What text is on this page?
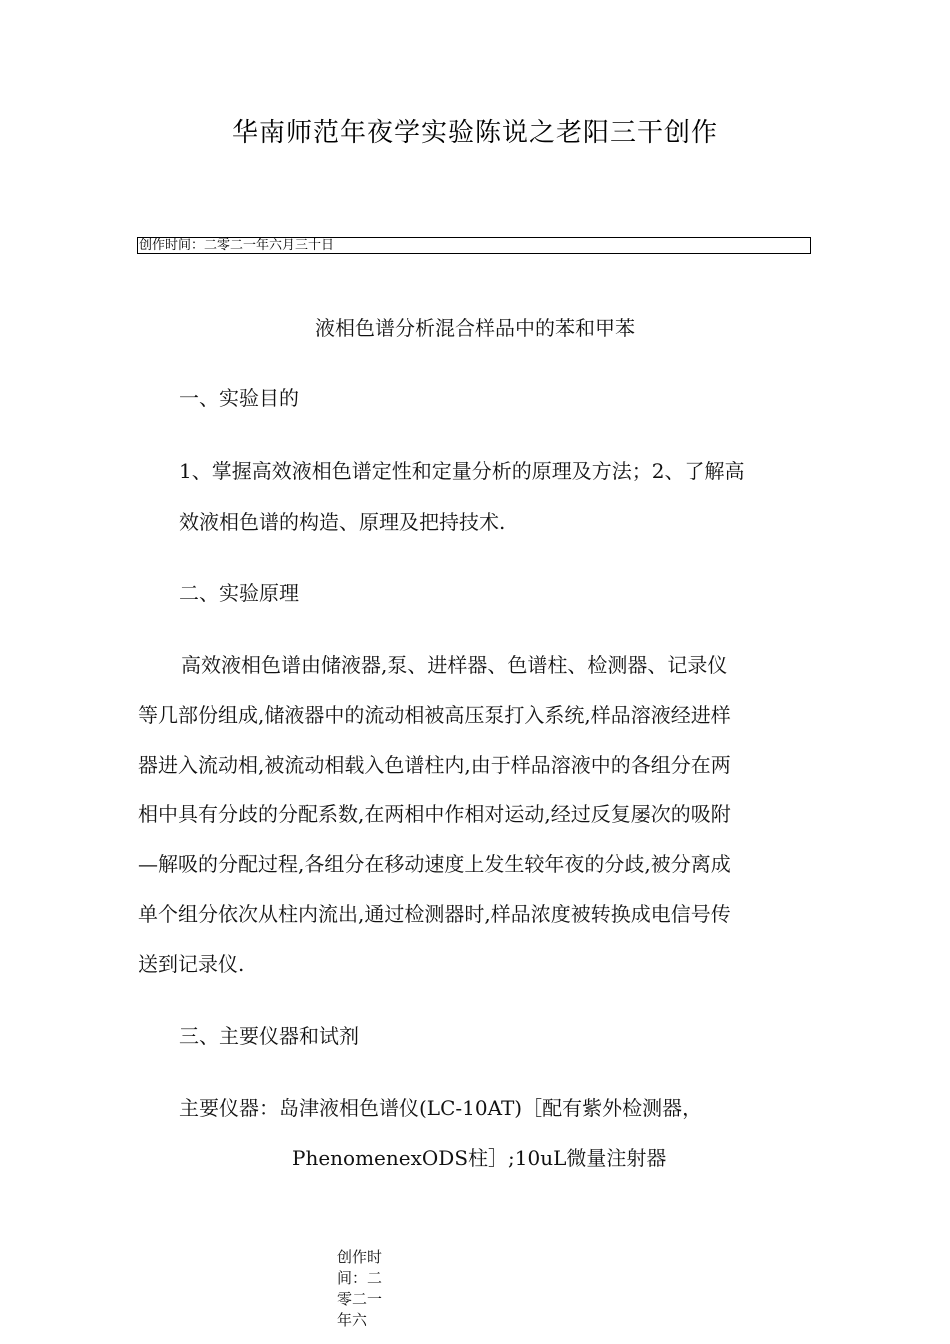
华南师范年夜学实验陈说之老阳三干创作
创作时间：二零二一年六月三十日
液相色谱分析混合样品中的苯和甲苯
一、实验目的
1、掌握高效液相色谱定性和定量分析的原理及方法；2、了解高
效液相色谱的构造、原理及把持技术.
二、实验原理
高效液相色谱由储液器,泵、进样器、色谱柱、检测器、记录仪
等几部份组成,储液器中的流动相被高压泵打入系统,样品溶液经进样
器进入流动相,被流动相载入色谱柱内,由于样品溶液中的各组分在两
相中具有分歧的分配系数,在两相中作相对运动,经过反复屡次的吸附
—解吸的分配过程,各组分在移动速度上发生较年夜的分歧,被分离成
单个组分依次从柱内流出,通过检测器时,样品浓度被转换成电信号传
送到记录仪.
三、主要仪器和试剂
主要仪器：岛津液相色谱仪(LC-10AT)［配有紫外检测器，
PhenomenexODS柱］;10uL微量注射器
创作时间：二零二一年六
